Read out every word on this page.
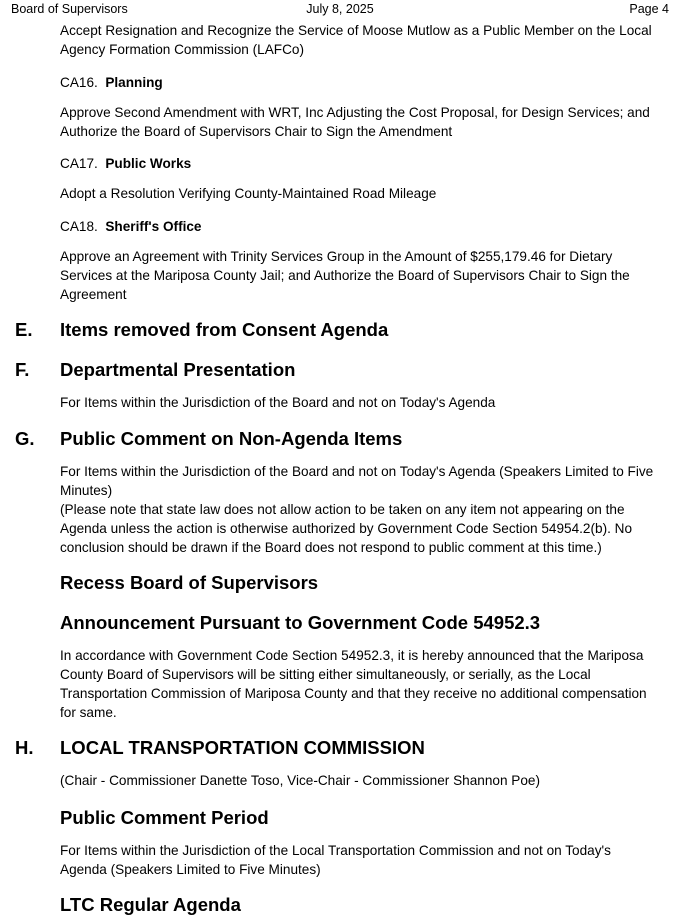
Board of Supervisors	July 8, 2025	Page 4
Accept Resignation and Recognize the Service of Moose Mutlow as a Public Member on the Local Agency Formation Commission (LAFCo)
CA16. Planning
Approve Second Amendment with WRT, Inc Adjusting the Cost Proposal, for Design Services; and Authorize the Board of Supervisors Chair to Sign the Amendment
CA17. Public Works
Adopt a Resolution Verifying County-Maintained Road Mileage
CA18. Sheriff's Office
Approve an Agreement with Trinity Services Group in the Amount of $255,179.46 for Dietary Services at the Mariposa County Jail; and Authorize the Board of Supervisors Chair to Sign the Agreement
E. Items removed from Consent Agenda
F. Departmental Presentation
For Items within the Jurisdiction of the Board and not on Today's Agenda
G. Public Comment on Non-Agenda Items
For Items within the Jurisdiction of the Board and not on Today's Agenda (Speakers Limited to Five Minutes)
(Please note that state law does not allow action to be taken on any item not appearing on the Agenda unless the action is otherwise authorized by Government Code Section 54954.2(b). No conclusion should be drawn if the Board does not respond to public comment at this time.)
Recess Board of Supervisors
Announcement Pursuant to Government Code 54952.3
In accordance with Government Code Section 54952.3, it is hereby announced that the Mariposa County Board of Supervisors will be sitting either simultaneously, or serially, as the Local Transportation Commission of Mariposa County and that they receive no additional compensation for same.
H. LOCAL TRANSPORTATION COMMISSION
(Chair - Commissioner Danette Toso, Vice-Chair - Commissioner Shannon Poe)
Public Comment Period
For Items within the Jurisdiction of the Local Transportation Commission and not on Today's Agenda (Speakers Limited to Five Minutes)
LTC Regular Agenda
